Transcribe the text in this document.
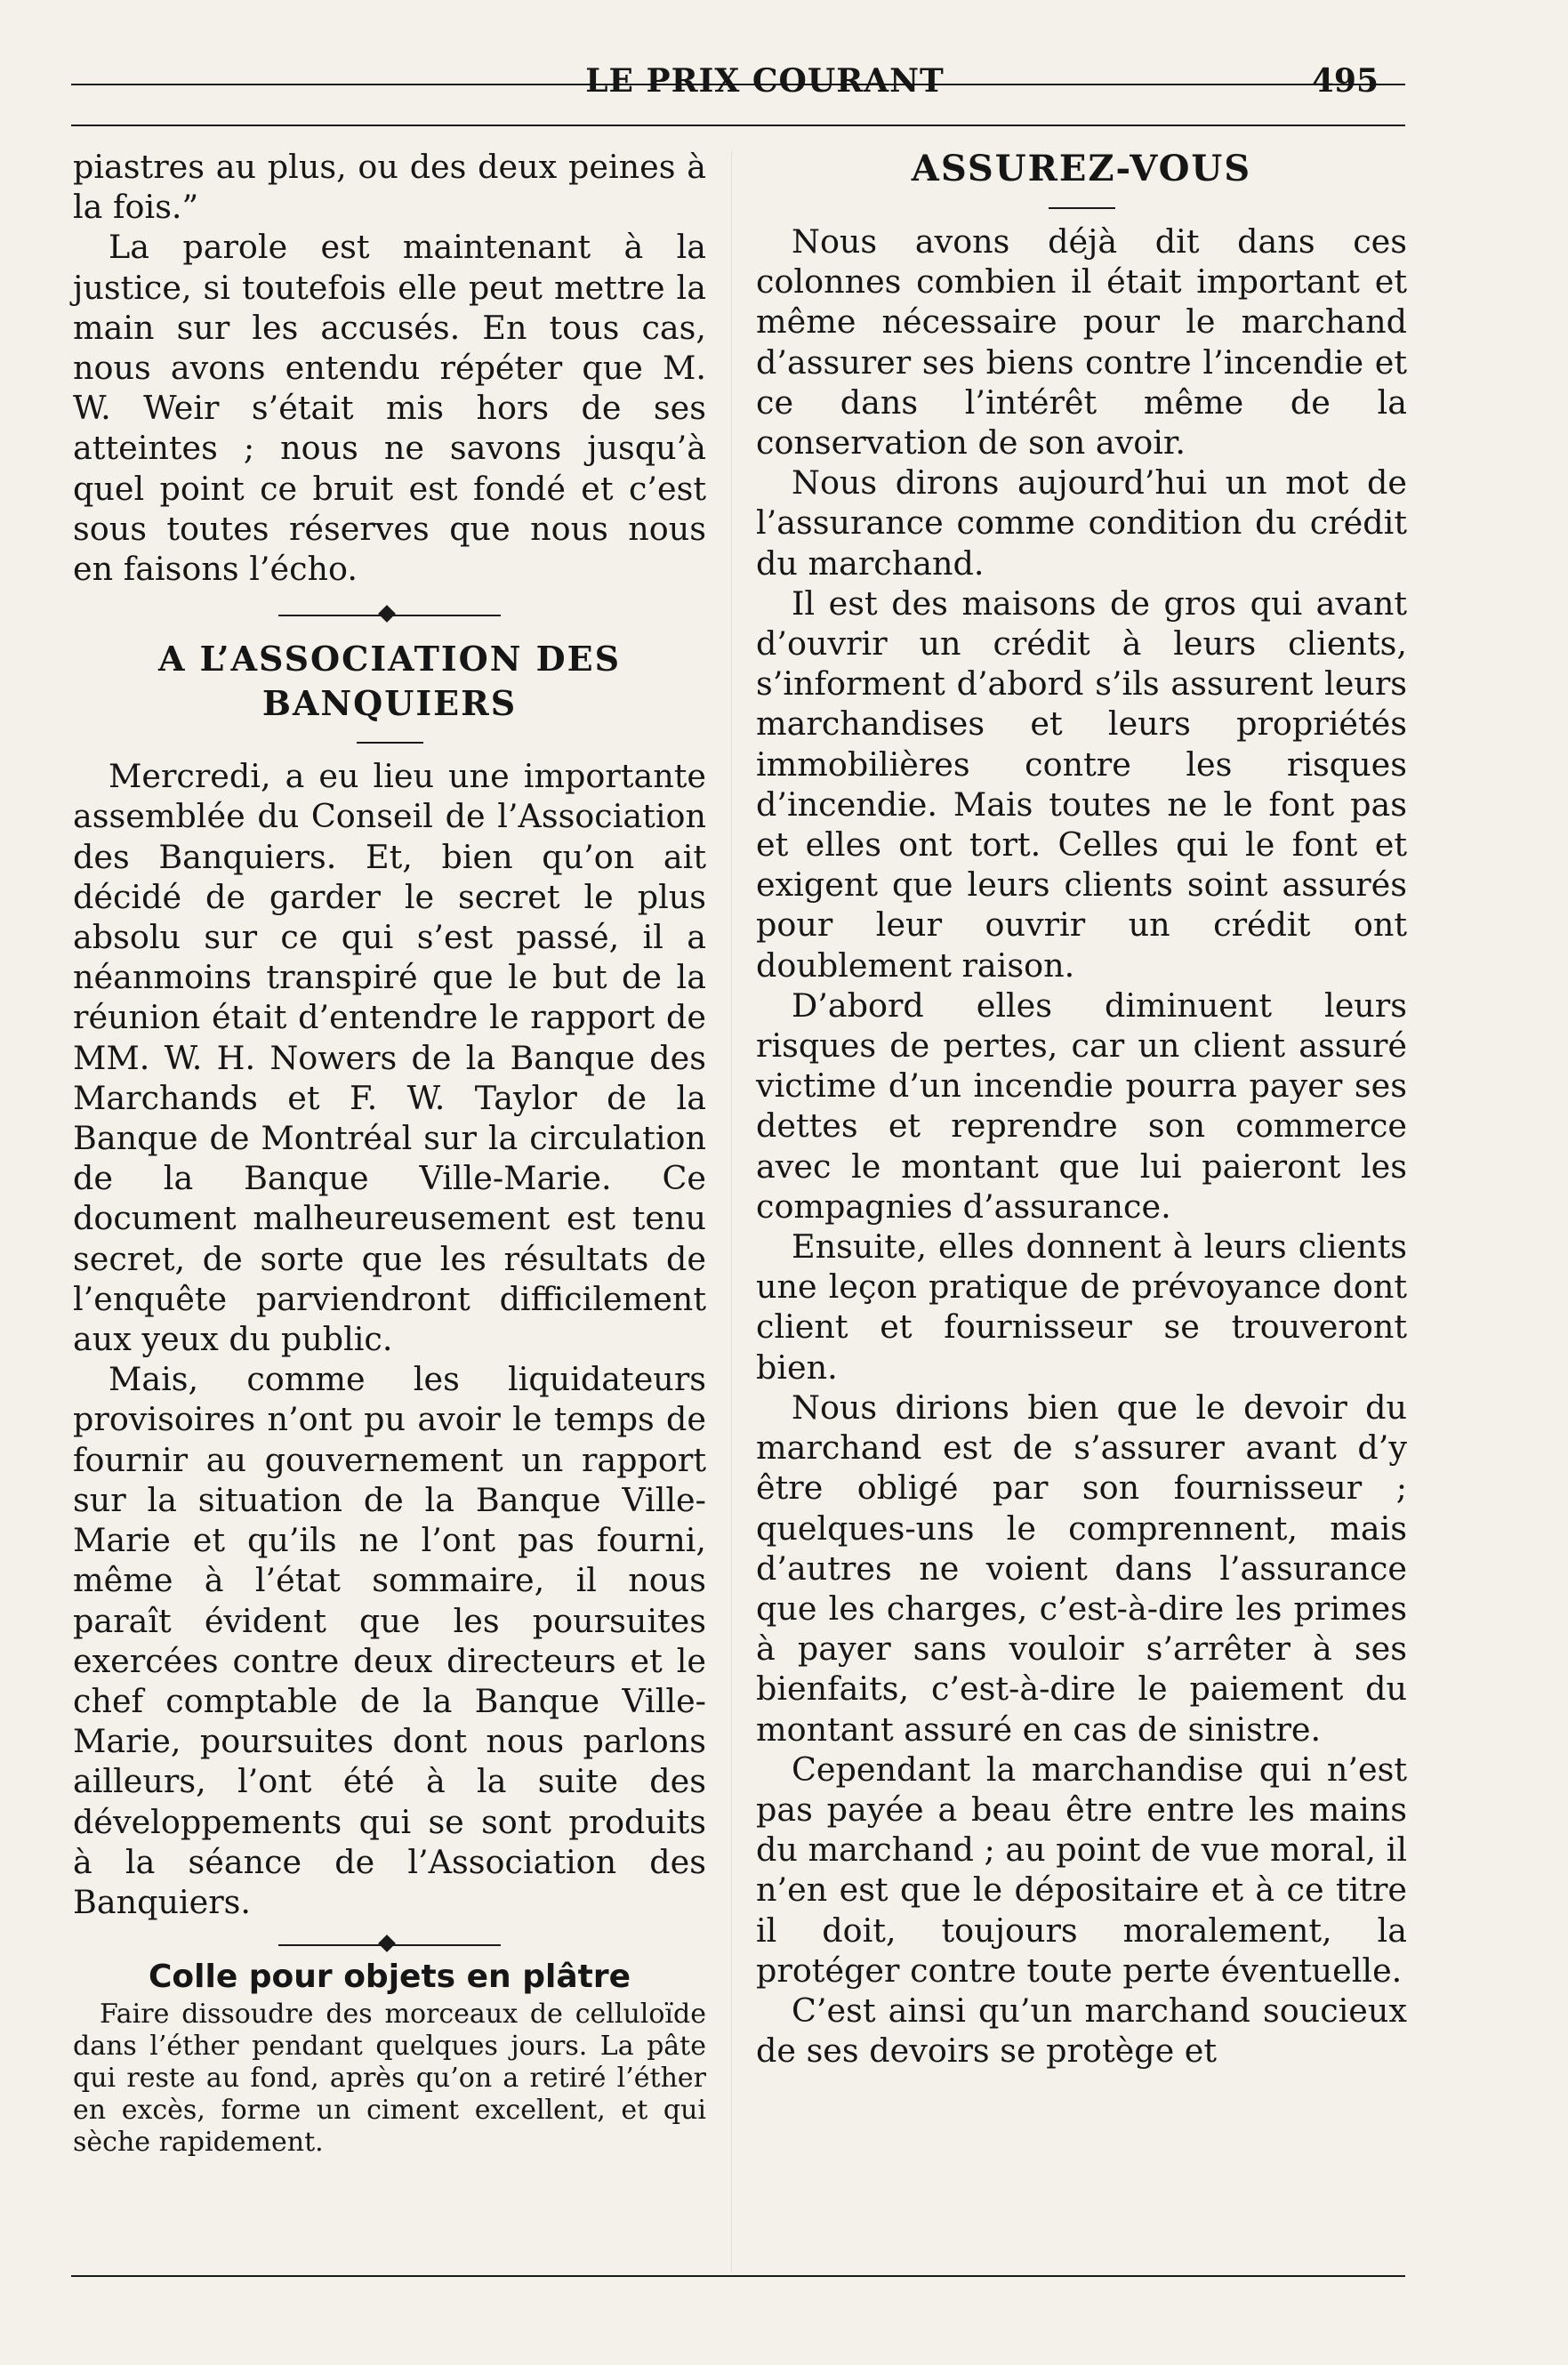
LE PRIX COURANT	495

piastres au plus, ou des deux peines à la fois.”

La parole est maintenant à la justice, si toutefois elle peut mettre la main sur les accusés. En tous cas, nous avons entendu répéter que M. W. Weir s’était mis hors de ses atteintes ; nous ne savons jusqu’à quel point ce bruit est fondé et c’est sous toutes réserves que nous nous en faisons l’écho.

A L’ASSOCIATION DES
BANQUIERS

Mercredi, a eu lieu une importante assemblée du Conseil de l’Association des Banquiers. Et, bien qu’on ait décidé de garder le secret le plus absolu sur ce qui s’est passé, il a néanmoins transpiré que le but de la réunion était d’entendre le rapport de MM. W. H. Nowers de la Banque des Marchands et F. W. Taylor de la Banque de Montréal sur la circulation de la Banque Ville-Marie. Ce document malheureusement est tenu secret, de sorte que les résultats de l’enquête parviendront difficilement aux yeux du public.

Mais, comme les liquidateurs provisoires n’ont pu avoir le temps de fournir au gouvernement un rapport sur la situation de la Banque Ville-Marie et qu’ils ne l’ont pas fourni, même à l’état sommaire, il nous paraît évident que les poursuites exercées contre deux directeurs et le chef comptable de la Banque Ville-Marie, poursuites dont nous parlons ailleurs, l’ont été à la suite des développements qui se sont produits à la séance de l’Association des Banquiers.

Colle pour objets en plâtre

Faire dissoudre des morceaux de celluloïde dans l’éther pendant quelques jours. La pâte qui reste au fond, après qu’on a retiré l’éther en excès, forme un ciment excellent, et qui sèche rapidement.

ASSUREZ-VOUS

Nous avons déjà dit dans ces colonnes combien il était important et même nécessaire pour le marchand d’assurer ses biens contre l’incendie et ce dans l’intérêt même de la conservation de son avoir.

Nous dirons aujourd’hui un mot de l’assurance comme condition du crédit du marchand.

Il est des maisons de gros qui avant d’ouvrir un crédit à leurs clients, s’informent d’abord s’ils assurent leurs marchandises et leurs propriétés immobilières contre les risques d’incendie. Mais toutes ne le font pas et elles ont tort. Celles qui le font et exigent que leurs clients soint assurés pour leur ouvrir un crédit ont doublement raison.

D’abord elles diminuent leurs risques de pertes, car un client assuré victime d’un incendie pourra payer ses dettes et reprendre son commerce avec le montant que lui paieront les compagnies d’assurance.

Ensuite, elles donnent à leurs clients une leçon pratique de prévoyance dont client et fournisseur se trouveront bien.

Nous dirions bien que le devoir du marchand est de s’assurer avant d’y être obligé par son fournisseur ; quelques-uns le comprennent, mais d’autres ne voient dans l’assurance que les charges, c’est-à-dire les primes à payer sans vouloir s’arrêter à ses bienfaits, c’est-à-dire le paiement du montant assuré en cas de sinistre.

Cependant la marchandise qui n’est pas payée a beau être entre les mains du marchand ; au point de vue moral, il n’en est que le dépositaire et à ce titre il doit, toujours moralement, la protéger contre toute perte éventuelle.

C’est ainsi qu’un marchand soucieux de ses devoirs se protège et
